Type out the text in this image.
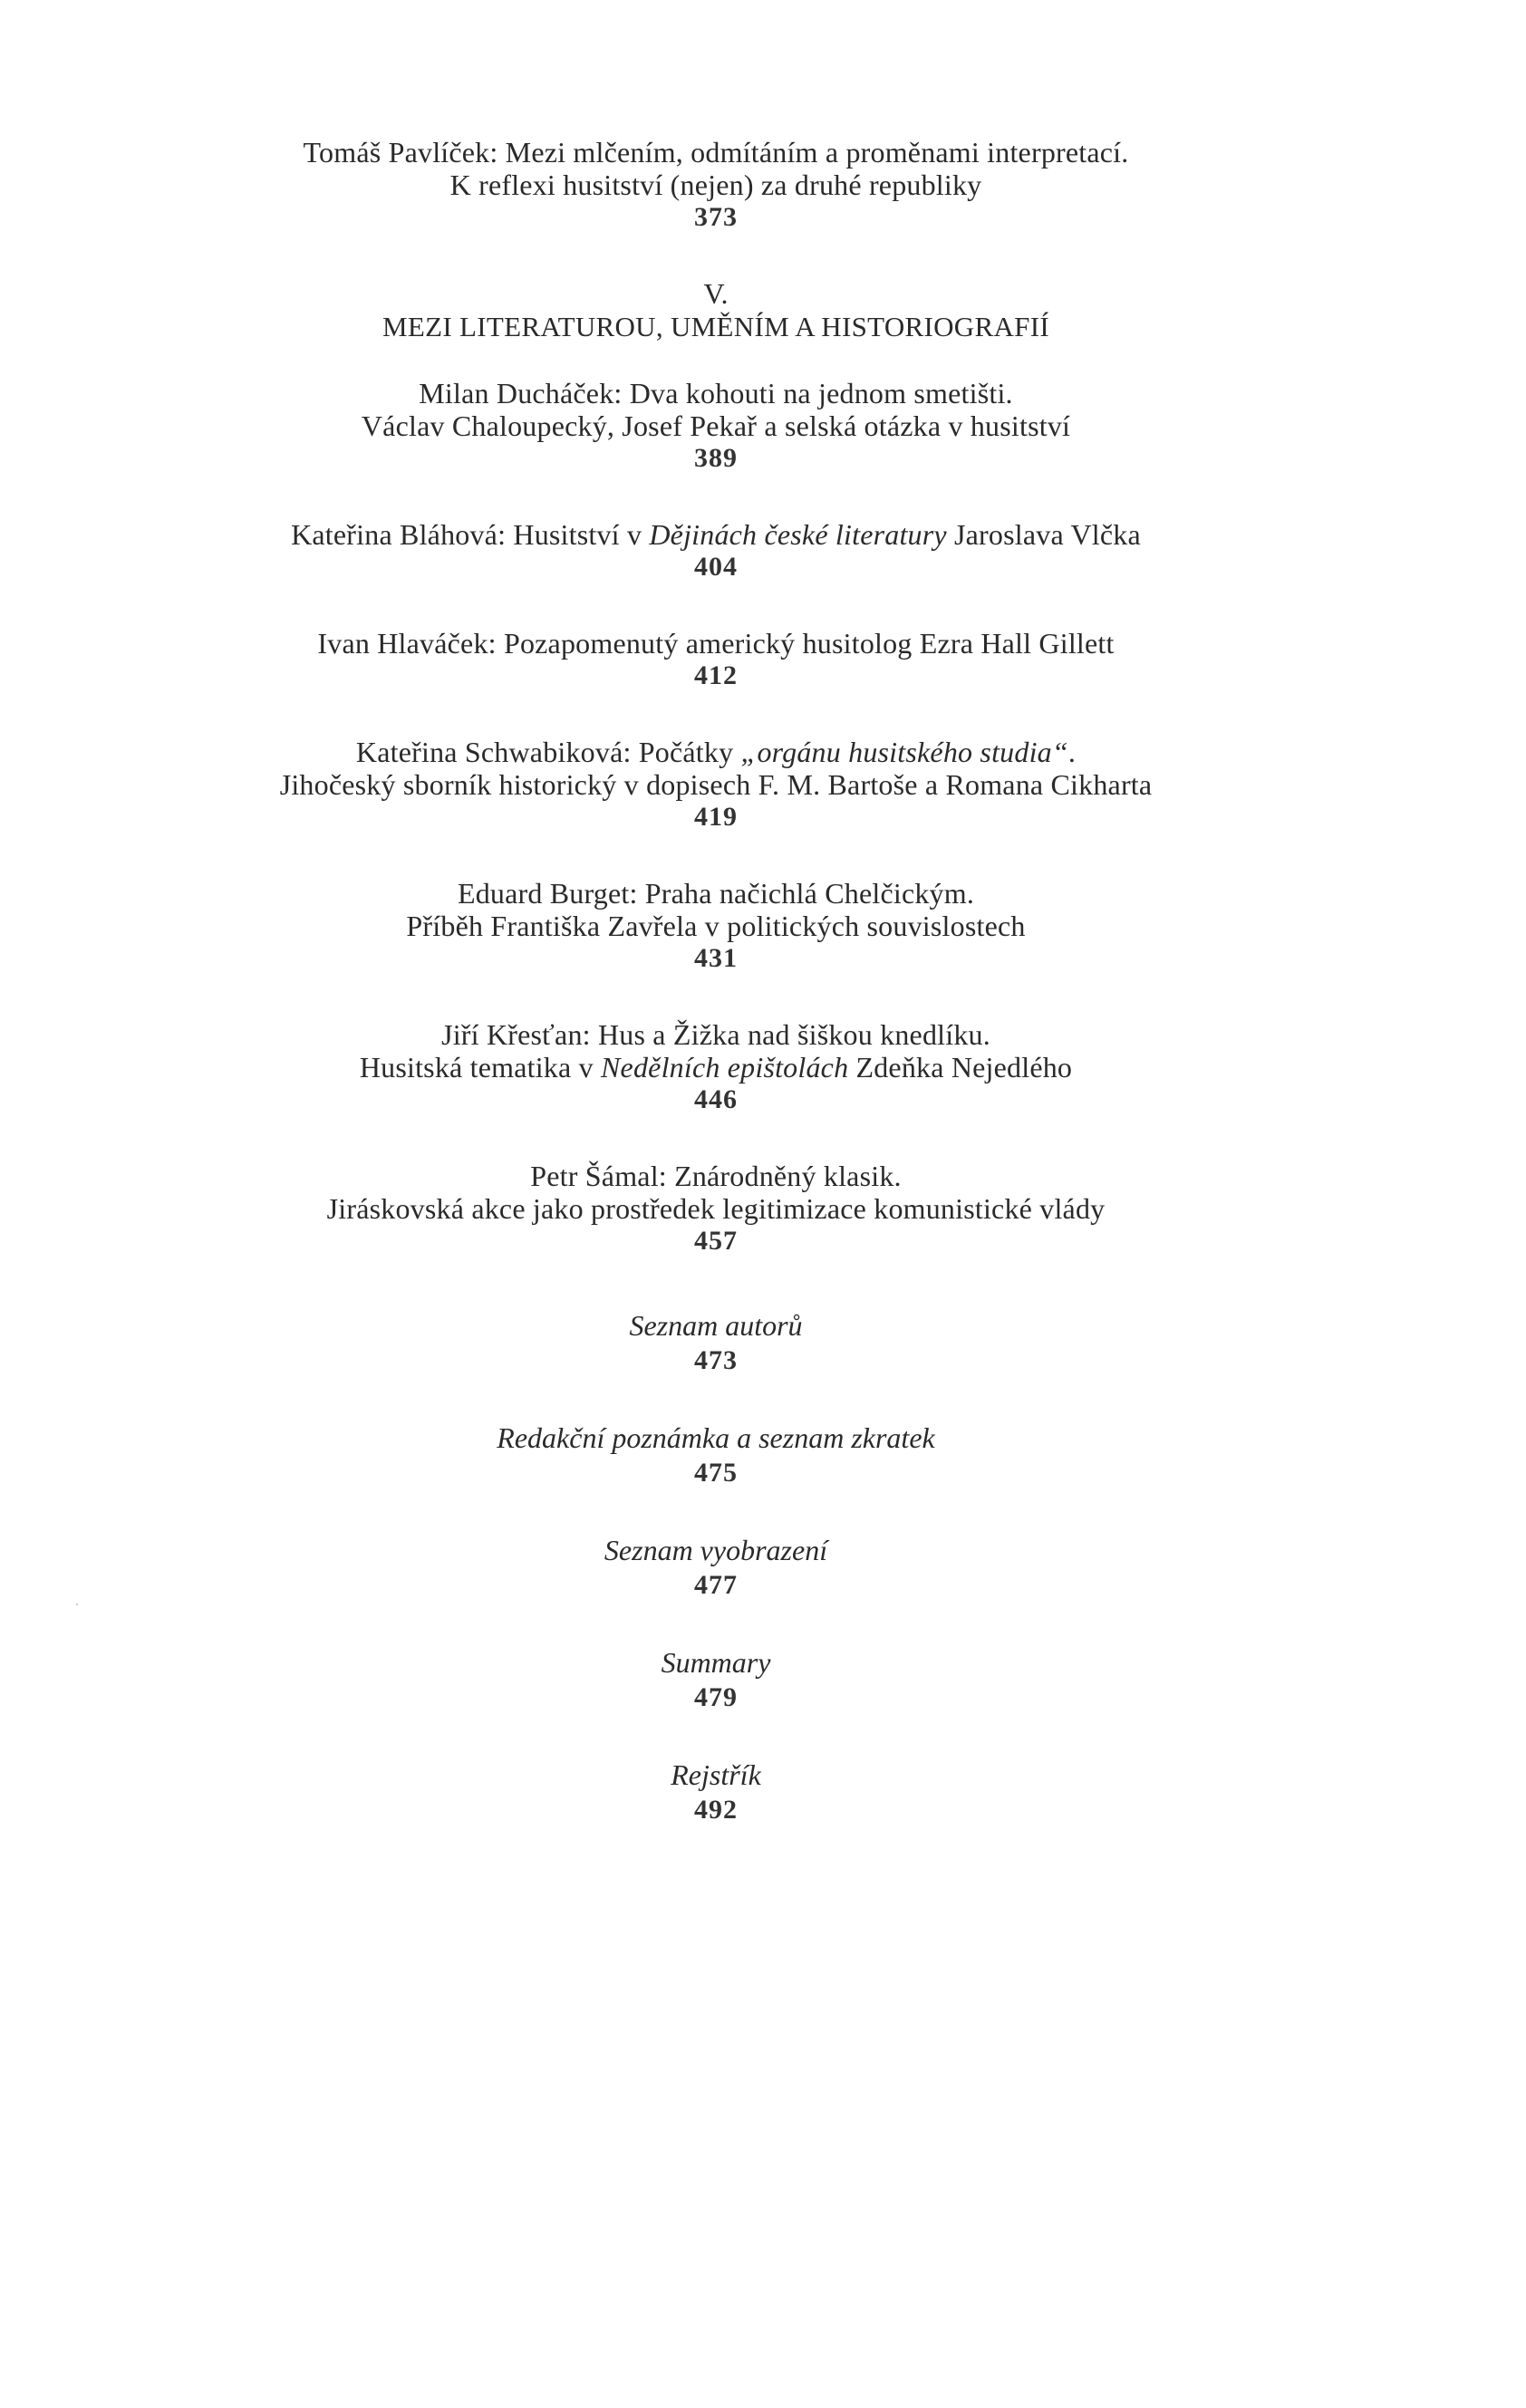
Tomáš Pavlíček: Mezi mlčením, odmítáním a proměnami interpretací.
K reflexi husitství (nejen) za druhé republiky
373
V.
MEZI LITERATUROU, UMĚNÍM A HISTORIOGRAFIÍ
Milan Ducháček: Dva kohouti na jednom smetišti.
Václav Chaloupecký, Josef Pekař a selská otázka v husitství
389
Kateřina Bláhová: Husitství v Dějinách české literatury Jaroslava Vlčka
404
Ivan Hlaváček: Pozapomenutý americký husitolog Ezra Hall Gillett
412
Kateřina Schwabiková: Počátky „orgánu husitského studia“.
Jihočeský sborník historický v dopisech F. M. Bartoše a Romana Cikharta
419
Eduard Burget: Praha načichlá Chelčickým.
Příběh Františka Zavřela v politických souvislostech
431
Jiří Křesťan: Hus a Žižka nad šiškou knedlíku.
Husitská tematika v Nedělních epištolách Zdeňka Nejedlého
446
Petr Šámal: Znárodněný klasik.
Jiráskovská akce jako prostředek legitimizace komunistické vlády
457
Seznam autorů
473
Redakční poznámka a seznam zkratek
475
Seznam vyobrazení
477
Summary
479
Rejstřík
492
